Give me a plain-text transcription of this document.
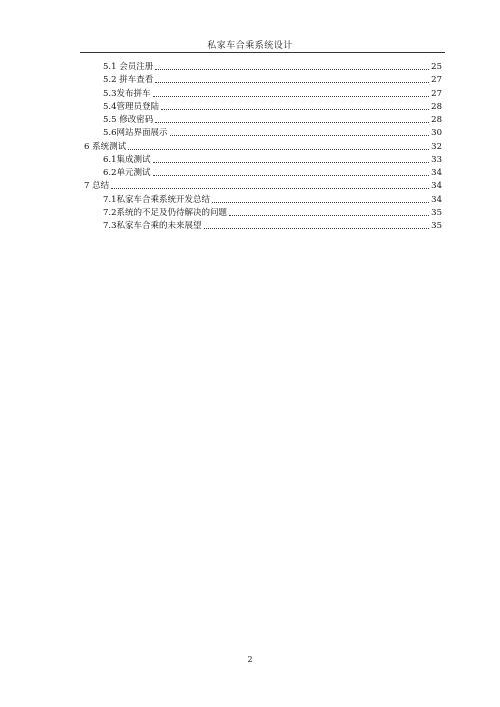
私家车合乘系统设计
5.1 会员注册	25
5.2 拼车查看	27
5.3发布拼车	27
5.4管理员登陆	28
5.5 修改密码	28
5.6网站界面展示	30
6 系统测试	32
6.1集成测试	33
6.2单元测试	34
7 总结	34
7.1私家车合乘系统开发总结	34
7.2系统的不足及仍待解决的问题	35
7.3私家车合乘的未来展望	35
2
